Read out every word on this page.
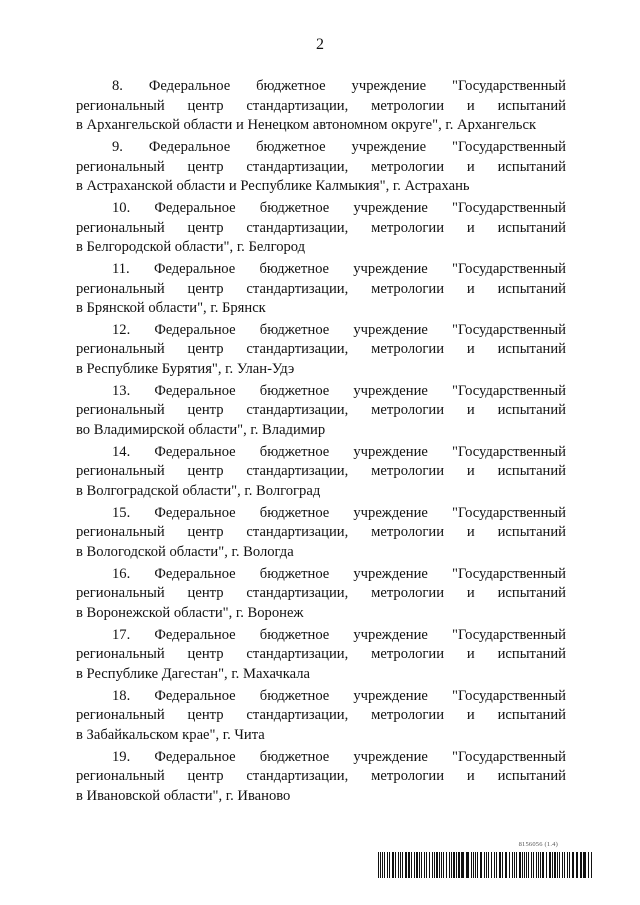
2
8. Федеральное бюджетное учреждение "Государственный
региональный центр стандартизации, метрологии и испытаний
в Архангельской области и Ненецком автономном округе", г. Архангельск
9. Федеральное бюджетное учреждение "Государственный
региональный центр стандартизации, метрологии и испытаний
в Астраханской области и Республике Калмыкия", г. Астрахань
10. Федеральное бюджетное учреждение "Государственный
региональный центр стандартизации, метрологии и испытаний
в Белгородской области", г. Белгород
11. Федеральное бюджетное учреждение "Государственный
региональный центр стандартизации, метрологии и испытаний
в Брянской области", г. Брянск
12. Федеральное бюджетное учреждение "Государственный
региональный центр стандартизации, метрологии и испытаний
в Республике Бурятия", г. Улан-Удэ
13. Федеральное бюджетное учреждение "Государственный
региональный центр стандартизации, метрологии и испытаний
во Владимирской области", г. Владимир
14. Федеральное бюджетное учреждение "Государственный
региональный центр стандартизации, метрологии и испытаний
в Волгоградской области", г. Волгоград
15. Федеральное бюджетное учреждение "Государственный
региональный центр стандартизации, метрологии и испытаний
в Вологодской области", г. Вологда
16. Федеральное бюджетное учреждение "Государственный
региональный центр стандартизации, метрологии и испытаний
в Воронежской области", г. Воронеж
17. Федеральное бюджетное учреждение "Государственный
региональный центр стандартизации, метрологии и испытаний
в Республике Дагестан", г. Махачкала
18. Федеральное бюджетное учреждение "Государственный
региональный центр стандартизации, метрологии и испытаний
в Забайкальском крае", г. Чита
19. Федеральное бюджетное учреждение "Государственный
региональный центр стандартизации, метрологии и испытаний
в Ивановской области", г. Иваново
8156056 (1.4)
